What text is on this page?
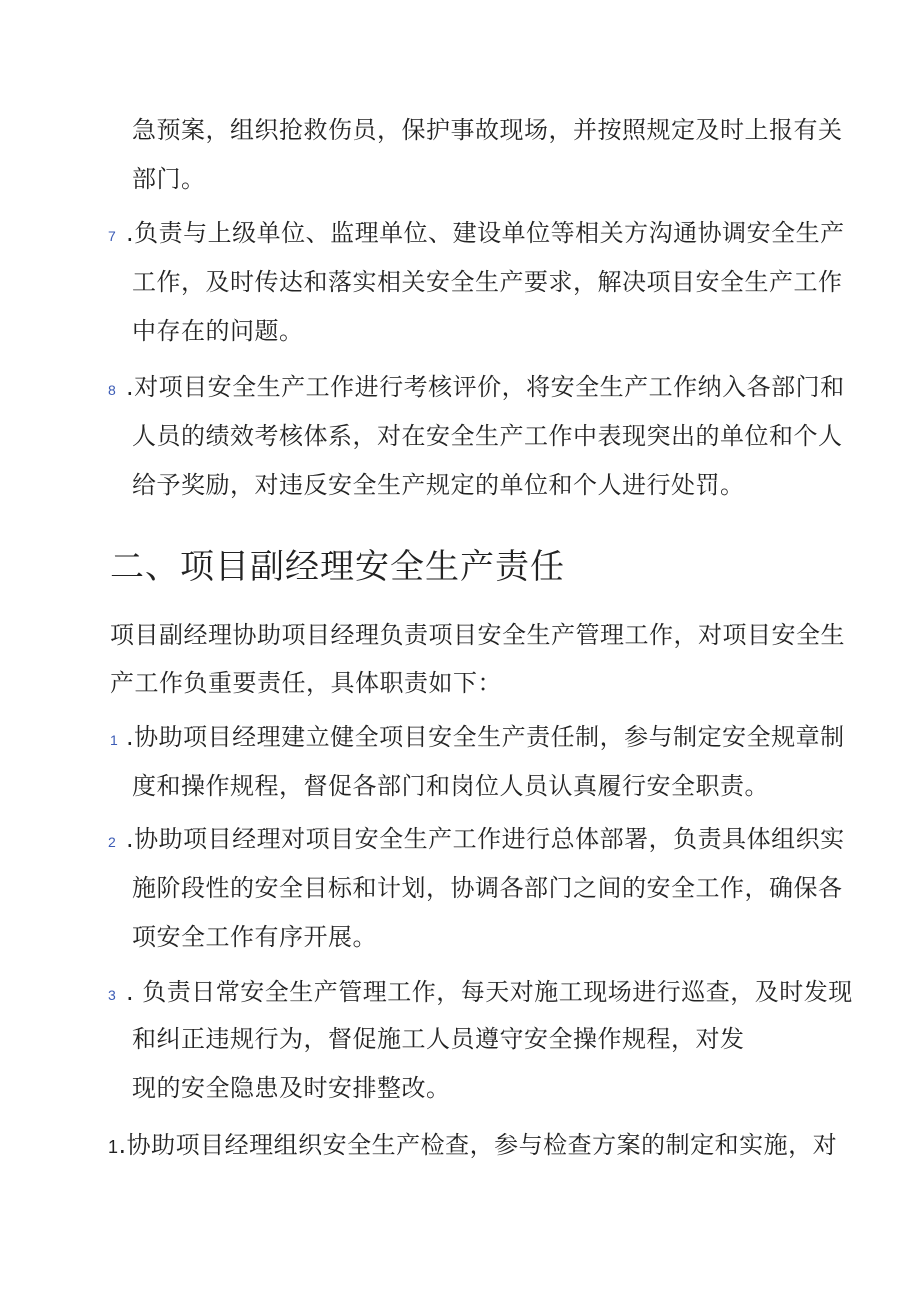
急预案，组织抢救伤员，保护事故现场，并按照规定及时上报有关
部门。
7 .负责与上级单位、监理单位、建设单位等相关方沟通协调安全生产
工作，及时传达和落实相关安全生产要求，解决项目安全生产工作
中存在的问题。
8 .对项目安全生产工作进行考核评价，将安全生产工作纳入各部门和
人员的绩效考核体系，对在安全生产工作中表现突出的单位和个人
给予奖励，对违反安全生产规定的单位和个人进行处罚。
二、项目副经理安全生产责任
项目副经理协助项目经理负责项目安全生产管理工作，对项目安全生
产工作负重要责任，具体职责如下：
1 .协助项目经理建立健全项目安全生产责任制，参与制定安全规章制
度和操作规程，督促各部门和岗位人员认真履行安全职责。
2 .协助项目经理对项目安全生产工作进行总体部署，负责具体组织实
施阶段性的安全目标和计划，协调各部门之间的安全工作，确保各
项安全工作有序开展。
3 . 负责日常安全生产管理工作，每天对施工现场进行巡查，及时发现
和纠正违规行为，督促施工人员遵守安全操作规程，对发
现的安全隐患及时安排整改。
1.协助项目经理组织安全生产检查，参与检查方案的制定和实施，对
